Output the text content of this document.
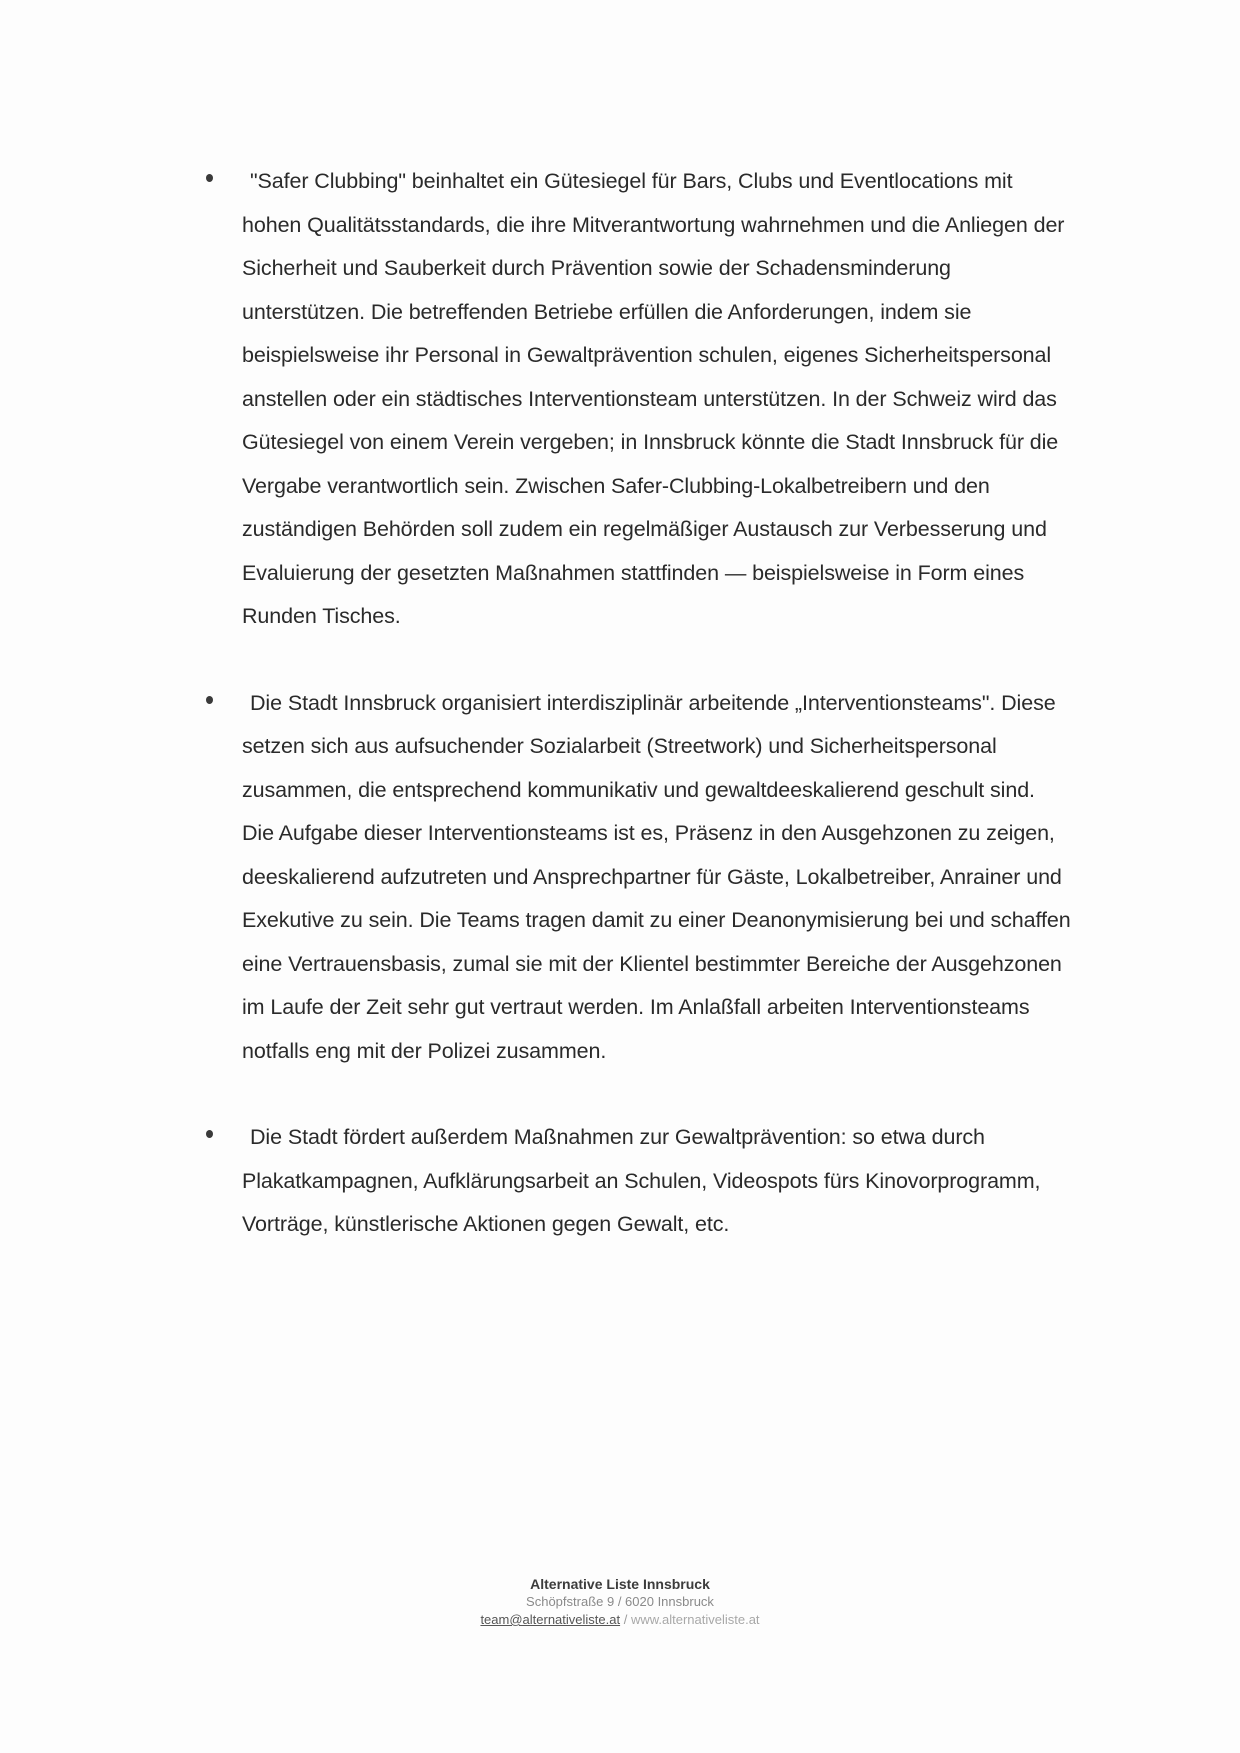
"Safer Clubbing" beinhaltet ein Gütesiegel für Bars, Clubs und Eventlocations mit hohen Qualitätsstandards, die ihre Mitverantwortung wahrnehmen und die Anliegen der Sicherheit und Sauberkeit durch Prävention sowie der Schadensminderung unterstützen. Die betreffenden Betriebe erfüllen die Anforderungen, indem sie beispielsweise ihr Personal in Gewaltprävention schulen, eigenes Sicherheitspersonal anstellen oder ein städtisches Interventionsteam unterstützen. In der Schweiz wird das Gütesiegel von einem Verein vergeben; in Innsbruck könnte die Stadt Innsbruck für die Vergabe verantwortlich sein. Zwischen Safer-Clubbing-Lokalbetreibern und den zuständigen Behörden soll zudem ein regelmäßiger Austausch zur Verbesserung und Evaluierung der gesetzten Maßnahmen stattfinden — beispielsweise in Form eines Runden Tisches.

Die Stadt Innsbruck organisiert interdisziplinär arbeitende „Interventionsteams". Diese setzen sich aus aufsuchender Sozialarbeit (Streetwork) und Sicherheitspersonal zusammen, die entsprechend kommunikativ und gewaltdeeskalierend geschult sind. Die Aufgabe dieser Interventionsteams ist es, Präsenz in den Ausgehzonen zu zeigen, deeskalierend aufzutreten und Ansprechpartner für Gäste, Lokalbetreiber, Anrainer und Exekutive zu sein. Die Teams tragen damit zu einer Deanonymisierung bei und schaffen eine Vertrauensbasis, zumal sie mit der Klientel bestimmter Bereiche der Ausgehzonen im Laufe der Zeit sehr gut vertraut werden. Im Anlaßfall arbeiten Interventionsteams notfalls eng mit der Polizei zusammen.

Die Stadt fördert außerdem Maßnahmen zur Gewaltprävention: so etwa durch Plakatkampagnen, Aufklärungsarbeit an Schulen, Videospots fürs Kinovorprogramm, Vorträge, künstlerische Aktionen gegen Gewalt, etc.

Alternative Liste Innsbruck
Schöpfstraße 9 / 6020 Innsbruck
team@alternativeliste.at / www.alternativeliste.at
